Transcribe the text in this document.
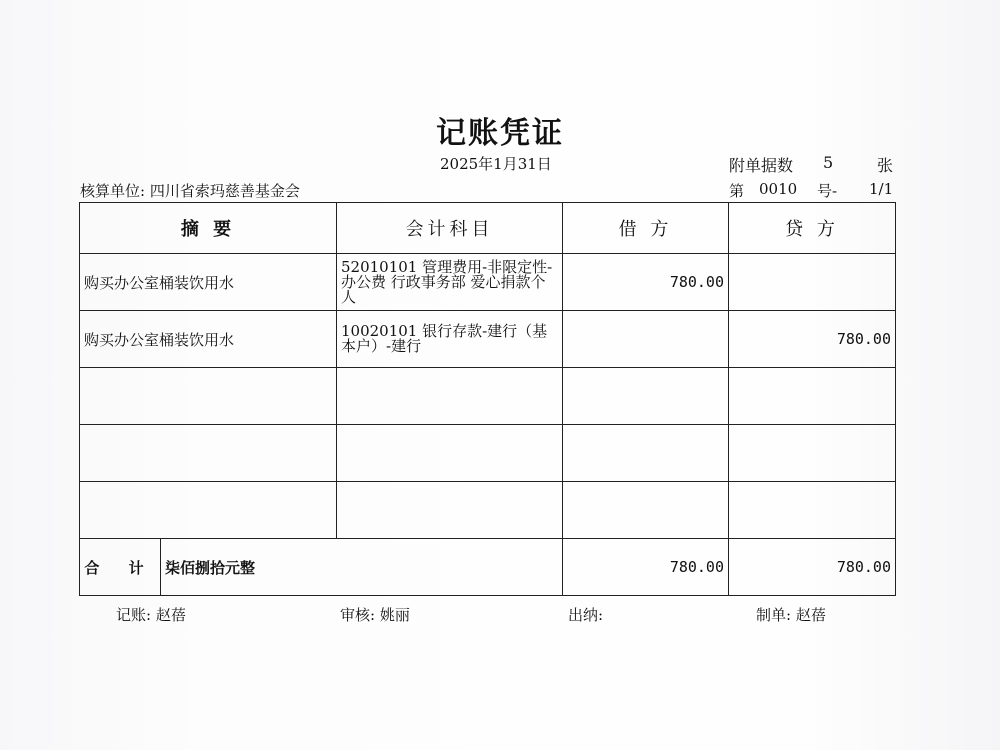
记账凭证
2025年1月31日	附单据数 5	张
核算单位: 四川省索玛慈善基金会	第 0010 号- 1/1
摘 要	会计科目	借 方	贷 方
购买办公室桶装饮用水	52010101 管理费用-非限定性-办公费 行政事务部 爱心捐款个人	780.00	
购买办公室桶装饮用水	10020101 银行存款-建行（基本户）-建行		780.00

合 计 柒佰捌拾元整		780.00	780.00
记账: 赵蓓	审核: 姚丽	出纳:	制单: 赵蓓
